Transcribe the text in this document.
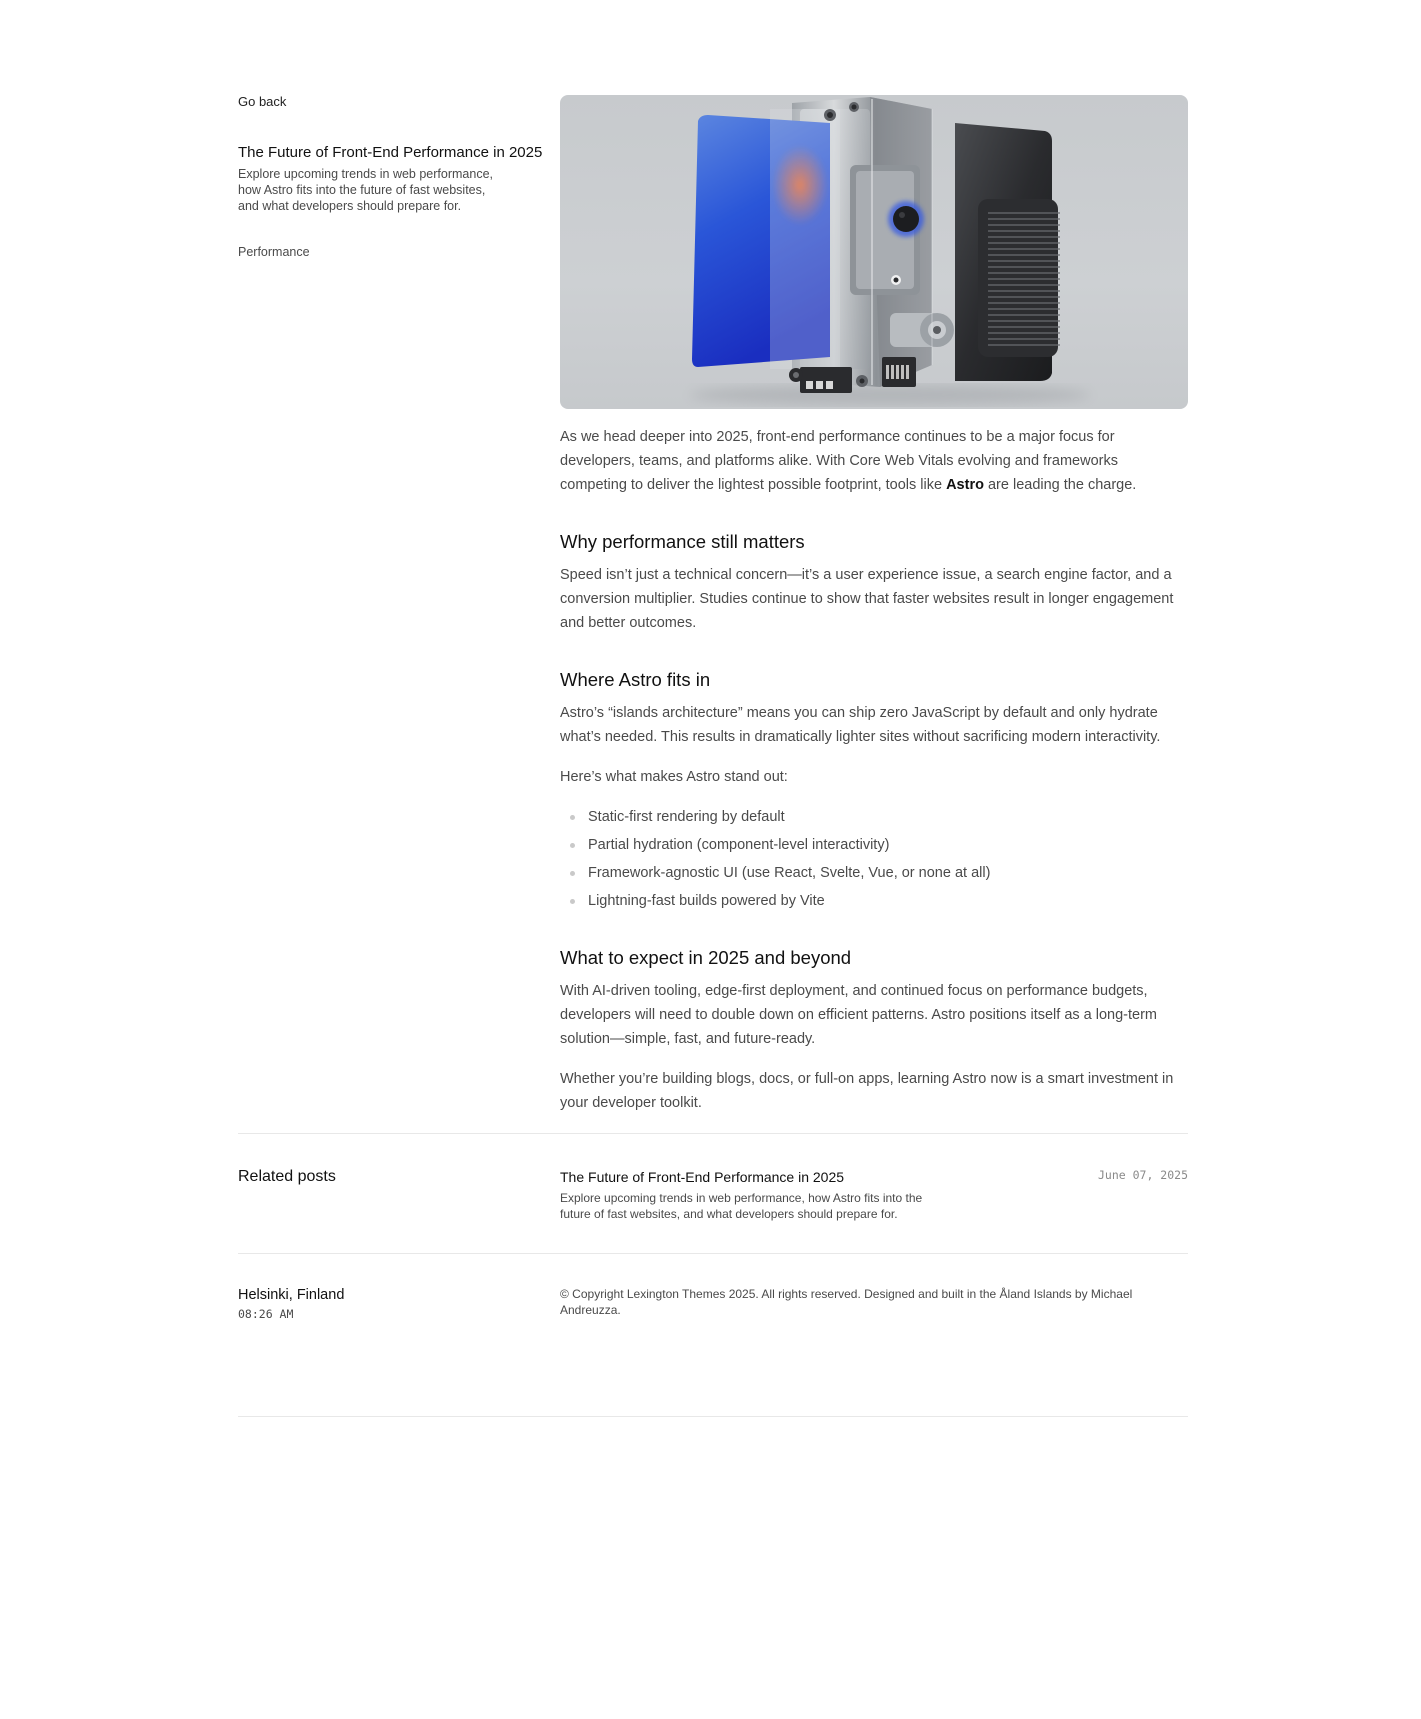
Go back
The Future of Front-End Performance in 2025

Explore upcoming trends in web performance, how Astro fits into the future of fast websites, and what developers should prepare for.

Performance

As we head deeper into 2025, front-end performance continues to be a major focus for developers, teams, and platforms alike. With Core Web Vitals evolving and frameworks competing to deliver the lightest possible footprint, tools like Astro are leading the charge.

Why performance still matters

Speed isn’t just a technical concern—it’s a user experience issue, a search engine factor, and a conversion multiplier. Studies continue to show that faster websites result in longer engagement and better outcomes.

Where Astro fits in

Astro’s “islands architecture” means you can ship zero JavaScript by default and only hydrate what’s needed. This results in dramatically lighter sites without sacrificing modern interactivity.

Here’s what makes Astro stand out:

Static-first rendering by default
Partial hydration (component-level interactivity)
Framework-agnostic UI (use React, Svelte, Vue, or none at all)
Lightning-fast builds powered by Vite
What to expect in 2025 and beyond

With AI-driven tooling, edge-first deployment, and continued focus on performance budgets, developers will need to double down on efficient patterns. Astro positions itself as a long-term solution—simple, fast, and future-ready.

Whether you’re building blogs, docs, or full-on apps, learning Astro now is a smart investment in your developer toolkit.

Related posts	The Future of Front-End Performance in 2025

Explore upcoming trends in web performance, how Astro fits into the future of fast websites, and what developers should prepare for.

June 07, 2025
Helsinki, Finland
08:26 AM

© Copyright Lexington Themes 2025. All rights reserved. Designed and built in the Åland Islands by Michael Andreuzza.
